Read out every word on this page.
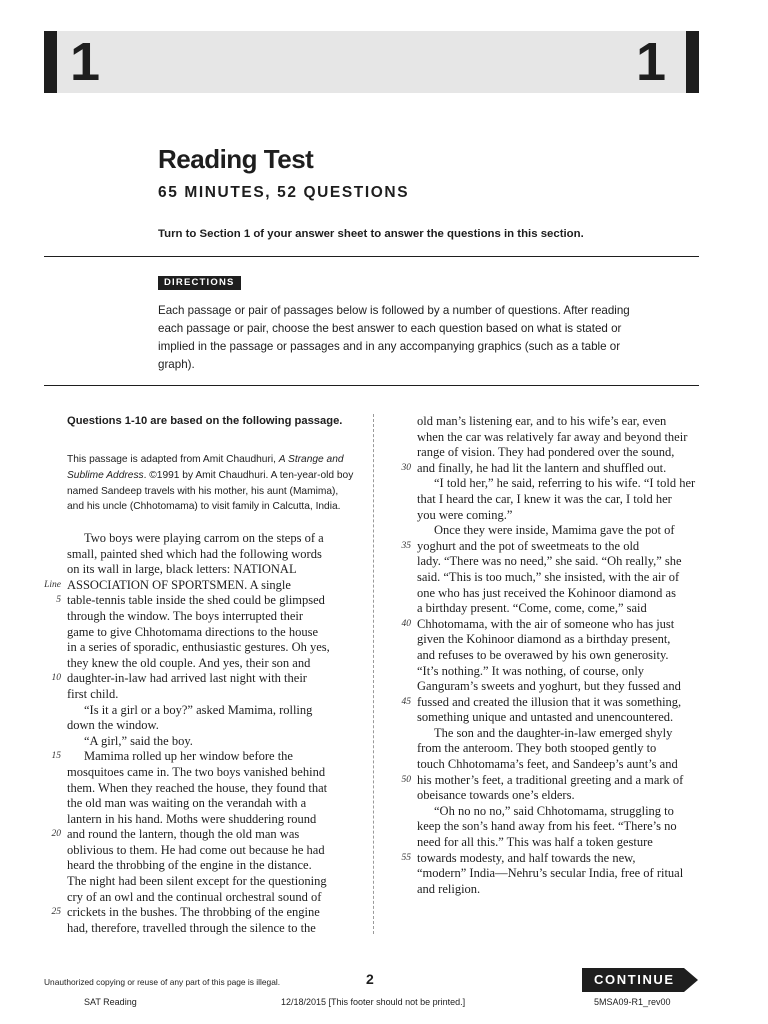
1	1
Reading Test
65 MINUTES, 52 QUESTIONS
Turn to Section 1 of your answer sheet to answer the questions in this section.
DIRECTIONS
Each passage or pair of passages below is followed by a number of questions. After reading each passage or pair, choose the best answer to each question based on what is stated or implied in the passage or passages and in any accompanying graphics (such as a table or graph).
Questions 1-10 are based on the following passage.
This passage is adapted from Amit Chaudhuri, A Strange and Sublime Address. ©1991 by Amit Chaudhuri. A ten-year-old boy named Sandeep travels with his mother, his aunt (Mamima), and his uncle (Chhotomama) to visit family in Calcutta, India.
Two boys were playing carrom on the steps of a
small, painted shed which had the following words
on its wall in large, black letters: NATIONAL
Line ASSOCIATION OF SPORTSMEN. A single
5 table-tennis table inside the shed could be glimpsed
through the window. The boys interrupted their
game to give Chhotomama directions to the house
in a series of sporadic, enthusiastic gestures. Oh yes,
they knew the old couple. And yes, their son and
10 daughter-in-law had arrived last night with their
first child.
“Is it a girl or a boy?” asked Mamima, rolling
down the window.
“A girl,” said the boy.
15 Mamima rolled up her window before the
mosquitoes came in. The two boys vanished behind
them. When they reached the house, they found that
the old man was waiting on the verandah with a
lantern in his hand. Moths were shuddering round
20 and round the lantern, though the old man was
oblivious to them. He had come out because he had
heard the throbbing of the engine in the distance.
The night had been silent except for the questioning
cry of an owl and the continual orchestral sound of
25 crickets in the bushes. The throbbing of the engine
had, therefore, travelled through the silence to the
old man’s listening ear, and to his wife’s ear, even
when the car was relatively far away and beyond their
range of vision. They had pondered over the sound,
30 and finally, he had lit the lantern and shuffled out.
“I told her,” he said, referring to his wife. “I told her
that I heard the car, I knew it was the car, I told her
you were coming.”
Once they were inside, Mamima gave the pot of
35 yoghurt and the pot of sweetmeats to the old
lady. “There was no need,” she said. “Oh really,” she
said. “This is too much,” she insisted, with the air of
one who has just received the Kohinoor diamond as
a birthday present. “Come, come, come,” said
40 Chhotomama, with the air of someone who has just
given the Kohinoor diamond as a birthday present,
and refuses to be overawed by his own generosity.
“It’s nothing.” It was nothing, of course, only
Ganguram’s sweets and yoghurt, but they fussed and
45 fussed and created the illusion that it was something,
something unique and untasted and unencountered.
The son and the daughter-in-law emerged shyly
from the anteroom. They both stooped gently to
touch Chhotomama’s feet, and Sandeep’s aunt’s and
50 his mother’s feet, a traditional greeting and a mark of
obeisance towards one’s elders.
“Oh no no no,” said Chhotomama, struggling to
keep the son’s hand away from his feet. “There’s no
need for all this.” This was half a token gesture
55 towards modesty, and half towards the new,
“modern” India—Nehru’s secular India, free of ritual
and religion.
Unauthorized copying or reuse of any part of this page is illegal.	2	CONTINUE
SAT Reading	12/18/2015 [This footer should not be printed.]	5MSA09-R1_rev00
